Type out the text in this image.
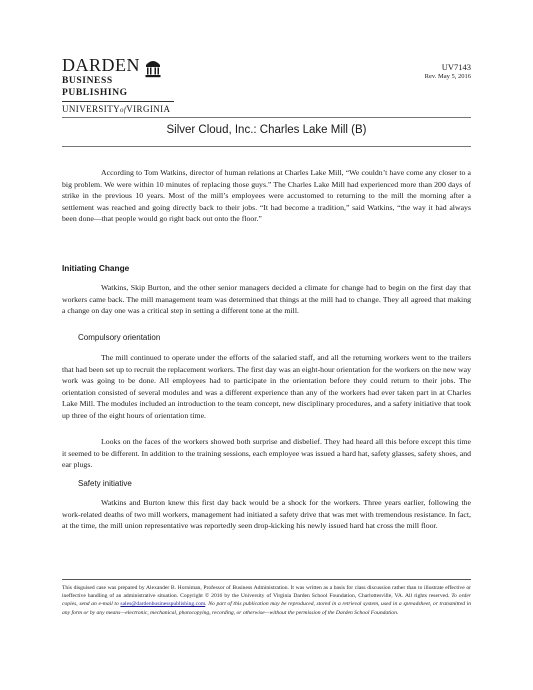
DARDEN
BUSINESS PUBLISHING
UNIVERSITYofVIRGINIA
UV7143
Rev. May 5, 2016
Silver Cloud, Inc.: Charles Lake Mill (B)

According to Tom Watkins, director of human relations at Charles Lake Mill, “We couldn’t have come any closer to a big problem. We were within 10 minutes of replacing those guys.” The Charles Lake Mill had experienced more than 200 days of strike in the previous 10 years. Most of the mill’s employees were accustomed to returning to the mill the morning after a settlement was reached and going directly back to their jobs. “It had become a tradition,” said Watkins, “the way it had always been done—that people would go right back out onto the floor.”

Initiating Change

Watkins, Skip Burton, and the other senior managers decided a climate for change had to begin on the first day that workers came back. The mill management team was determined that things at the mill had to change. They all agreed that making a change on day one was a critical step in setting a different tone at the mill.

Compulsory orientation

The mill continued to operate under the efforts of the salaried staff, and all the returning workers went to the trailers that had been set up to recruit the replacement workers. The first day was an eight-hour orientation for the workers on the new way work was going to be done. All employees had to participate in the orientation before they could return to their jobs. The orientation consisted of several modules and was a different experience than any of the workers had ever taken part in at Charles Lake Mill. The modules included an introduction to the team concept, new disciplinary procedures, and a safety initiative that took up three of the eight hours of orientation time.

Looks on the faces of the workers showed both surprise and disbelief. They had heard all this before except this time it seemed to be different. In addition to the training sessions, each employee was issued a hard hat, safety glasses, safety shoes, and ear plugs.

Safety initiative

Watkins and Burton knew this first day back would be a shock for the workers. Three years earlier, following the work-related deaths of two mill workers, management had initiated a safety drive that was met with tremendous resistance. In fact, at the time, the mill union representative was reportedly seen drop-kicking his newly issued hard hat cross the mill floor.

This disguised case was prepared by Alexander B. Horniman, Professor of Business Administration. It was written as a basis for class discussion rather than to illustrate effective or ineffective handling of an administrative situation. Copyright © 2016 by the University of Virginia Darden School Foundation, Charlottesville, VA. All rights reserved. To order copies, send an e-mail to sales@dardenbusinesspublishing.com. No part of this publication may be reproduced, stored in a retrieval system, used in a spreadsheet, or transmitted in any form or by any means—electronic, mechanical, photocopying, recording, or otherwise—without the permission of the Darden School Foundation.
